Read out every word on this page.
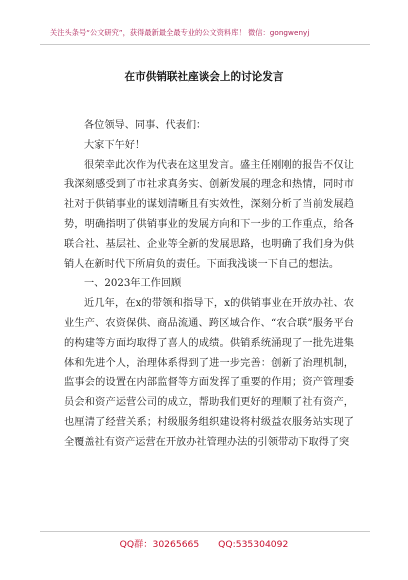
关注头条号“公文研究”，获得最新最全最专业的公文资料库！ 微信：gongwenyj
在市供销联社座谈会上的讨论发言

各位领导、同事、代表们：

大家下午好！

很荣幸此次作为代表在这里发言。盛主任刚刚的报告不仅让我深刻感受到了市社求真务实、创新发展的理念和热情，同时市社对于供销事业的谋划清晰且有实效性，深刻分析了当前发展趋势，明确指明了供销事业的发展方向和下一步的工作重点，给各联合社、基层社、企业等全新的发展思路，也明确了我们身为供销人在新时代下所肩负的责任。下面我浅谈一下自己的想法。

一、2023年工作回顾

近几年，在x的带领和指导下，x的供销事业在开放办社、农业生产、农资保供、商品流通、跨区域合作、“农合联”服务平台的构建等方面均取得了喜人的成绩。供销系统涌现了一批先进集体和先进个人，治理体系得到了进一步完善：创新了治理机制，监事会的设置在内部监督等方面发挥了重要的作用；资产管理委员会和资产运营公司的成立，帮助我们更好的理顺了社有资产，也厘清了经营关系；村级服务组织建设将村级益农服务站实现了全覆盖社有资产运营在开放办社管理办法的引领带动下取得了突

QQ群：30265665 QQ:535304092
